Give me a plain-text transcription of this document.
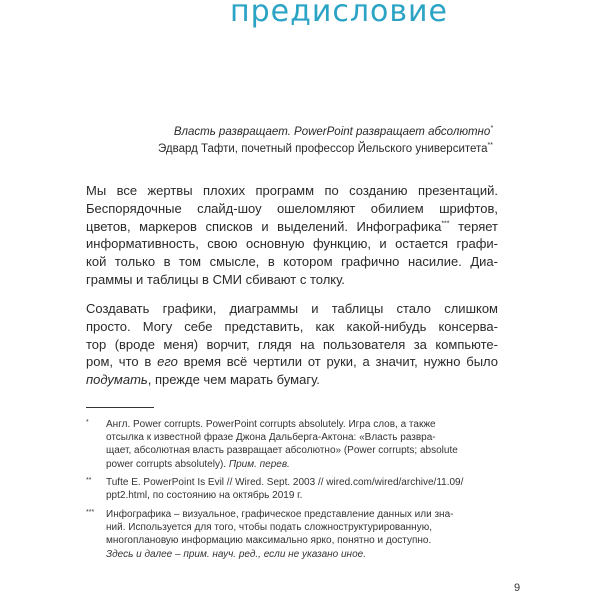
предисловие
Власть развращает. PowerPoint развращает абсолютно*
Эдвард Тафти, почетный профессор Йельского университета**

Мы все жертвы плохих программ по созданию презентаций.
Беспорядочные слайд-шоу ошеломляют обилием шрифтов,
цветов, маркеров списков и выделений. Инфографика*** теряет
информативность, свою основную функцию, и остается графи-
кой только в том смысле, в котором графично насилие. Диа-
граммы и таблицы в СМИ сбивают с толку.

Создавать графики, диаграммы и таблицы стало слишком
просто. Могу себе представить, как какой-нибудь консерва-
тор (вроде меня) ворчит, глядя на пользователя за компьюте-
ром, что в его время всё чертили от руки, а значит, нужно было
подумать, прежде чем марать бумагу.

* Англ. Power corrupts. PowerPoint corrupts absolutely. Игра слов, а также
отсылка к известной фразе Джона Дальберга-Актона: «Власть развра-
щает, абсолютная власть развращает абсолютно» (Power corrupts; absolute
power corrupts absolutely). Прим. перев.
** Tufte E. PowerPoint Is Evil // Wired. Sept. 2003 // wired.com/wired/archive/11.09/
ppt2.html, по состоянию на октябрь 2019 г.
*** Инфографика – визуальное, графическое представление данных или зна-
ний. Используется для того, чтобы подать сложноструктурированную,
многоплановую информацию максимально ярко, понятно и доступно.
Здесь и далее – прим. науч. ред., если не указано иное.
9
